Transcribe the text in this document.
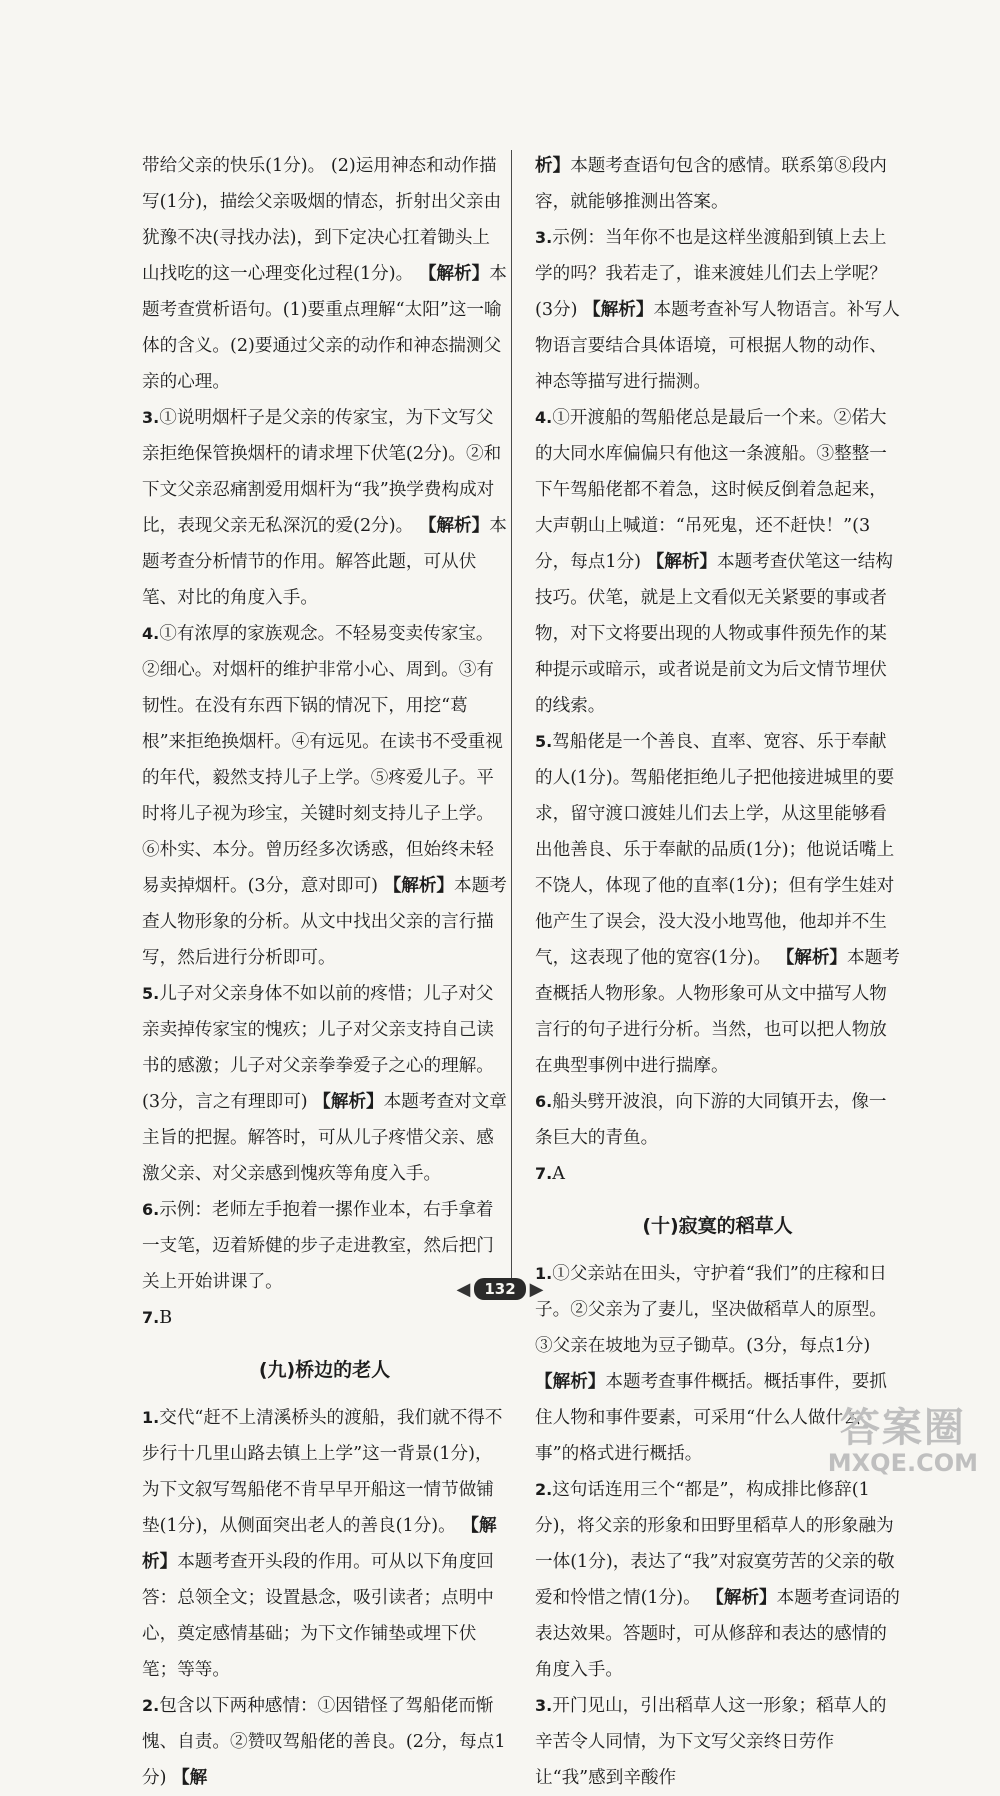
带给父亲的快乐(1分)。 (2)运用神态和动作描写(1分)，描绘父亲吸烟的情态，折射出父亲由犹豫不决(寻找办法)，到下定决心扛着锄头上山找吃的这一心理变化过程(1分)。 【解析】本题考查赏析语句。(1)要重点理解“太阳”这一喻体的含义。(2)要通过父亲的动作和神态揣测父亲的心理。

3.①说明烟杆子是父亲的传家宝，为下文写父亲拒绝保管换烟杆的请求埋下伏笔(2分)。②和下文父亲忍痛割爱用烟杆为“我”换学费构成对比，表现父亲无私深沉的爱(2分)。 【解析】本题考查分析情节的作用。解答此题，可从伏笔、对比的角度入手。

4.①有浓厚的家族观念。不轻易变卖传家宝。②细心。对烟杆的维护非常小心、周到。③有韧性。在没有东西下锅的情况下，用挖“葛根”来拒绝换烟杆。④有远见。在读书不受重视的年代，毅然支持儿子上学。⑤疼爱儿子。平时将儿子视为珍宝，关键时刻支持儿子上学。⑥朴实、本分。曾历经多次诱惑，但始终未轻易卖掉烟杆。(3分，意对即可) 【解析】本题考查人物形象的分析。从文中找出父亲的言行描写，然后进行分析即可。

5.儿子对父亲身体不如以前的疼惜；儿子对父亲卖掉传家宝的愧疚；儿子对父亲支持自己读书的感激；儿子对父亲拳拳爱子之心的理解。(3分，言之有理即可) 【解析】本题考查对文章主旨的把握。解答时，可从儿子疼惜父亲、感激父亲、对父亲感到愧疚等角度入手。

6.示例：老师左手抱着一摞作业本，右手拿着一支笔，迈着矫健的步子走进教室，然后把门关上开始讲课了。

7.B

(九)桥边的老人

1.交代“赶不上清溪桥头的渡船，我们就不得不步行十几里山路去镇上上学”这一背景(1分)，为下文叙写驾船佬不肯早早开船这一情节做铺垫(1分)，从侧面突出老人的善良(1分)。 【解析】本题考查开头段的作用。可从以下角度回答：总领全文；设置悬念，吸引读者；点明中心，奠定感情基础；为下文作铺垫或埋下伏笔；等等。

2.包含以下两种感情：①因错怪了驾船佬而惭愧、自责。②赞叹驾船佬的善良。(2分，每点1分) 【解

析】本题考查语句包含的感情。联系第⑧段内容，就能够推测出答案。

3.示例：当年你不也是这样坐渡船到镇上去上学的吗？我若走了，谁来渡娃儿们去上学呢？(3分) 【解析】本题考查补写人物语言。补写人物语言要结合具体语境，可根据人物的动作、神态等描写进行揣测。

4.①开渡船的驾船佬总是最后一个来。②偌大的大同水库偏偏只有他这一条渡船。③整整一下午驾船佬都不着急，这时候反倒着急起来，大声朝山上喊道：“吊死鬼，还不赶快！”(3分，每点1分) 【解析】本题考查伏笔这一结构技巧。伏笔，就是上文看似无关紧要的事或者物，对下文将要出现的人物或事件预先作的某种提示或暗示，或者说是前文为后文情节埋伏的线索。

5.驾船佬是一个善良、直率、宽容、乐于奉献的人(1分)。驾船佬拒绝儿子把他接进城里的要求，留守渡口渡娃儿们去上学，从这里能够看出他善良、乐于奉献的品质(1分)；他说话嘴上不饶人，体现了他的直率(1分)；但有学生娃对他产生了误会，没大没小地骂他，他却并不生气，这表现了他的宽容(1分)。 【解析】本题考查概括人物形象。人物形象可从文中描写人物言行的句子进行分析。当然，也可以把人物放在典型事例中进行揣摩。

6.船头劈开波浪，向下游的大同镇开去，像一条巨大的青鱼。

7.A

(十)寂寞的稻草人

1.①父亲站在田头，守护着“我们”的庄稼和日子。②父亲为了妻儿，坚决做稻草人的原型。③父亲在坡地为豆子锄草。(3分，每点1分) 【解析】本题考查事件概括。概括事件，要抓住人物和事件要素，可采用“什么人做什么事”的格式进行概括。

2.这句话连用三个“都是”，构成排比修辞(1分)，将父亲的形象和田野里稻草人的形象融为一体(1分)，表达了“我”对寂寞劳苦的父亲的敬爱和怜惜之情(1分)。 【解析】本题考查词语的表达效果。答题时，可从修辞和表达的感情的角度入手。

3.开门见山，引出稻草人这一形象；稻草人的辛苦令人同情，为下文写父亲终日劳作让“我”感到辛酸作

◀ 132 ▶
答案圈
MXQE.COM
